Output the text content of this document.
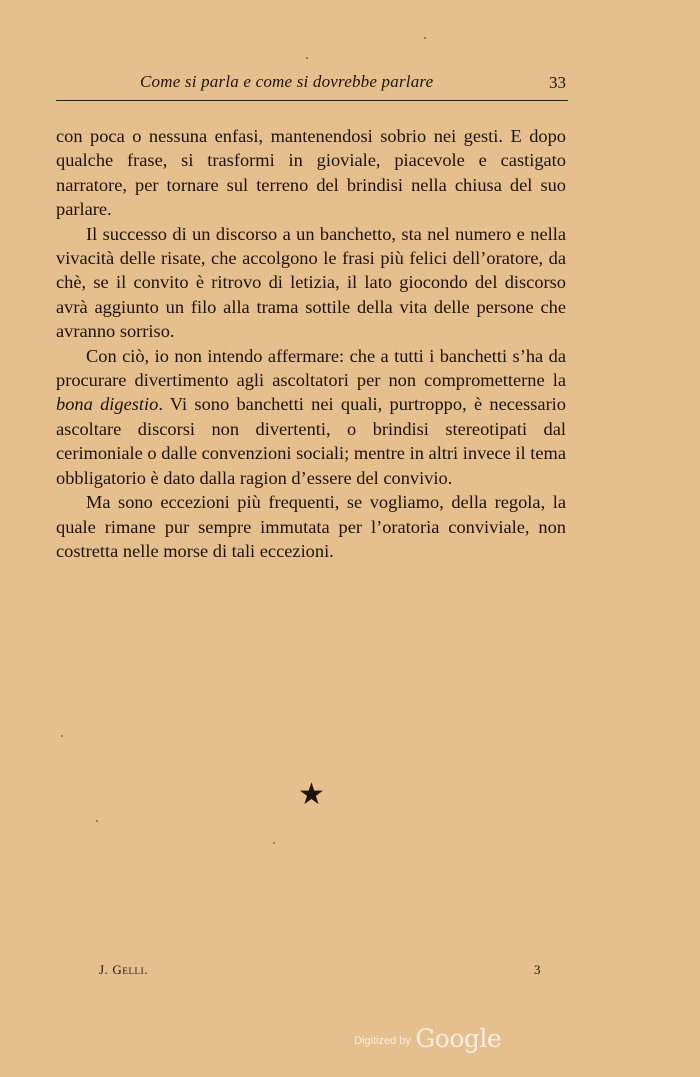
Come si parla e come si dovrebbe parlare	33

con poca o nessuna enfasi, mantenendosi sobrio nei gesti. E dopo qualche frase, si trasformi in gioviale, piacevole e castigato narratore, per tornare sul terreno del brindisi nella chiusa del suo parlare.

Il successo di un discorso a un banchetto, sta nel numero e nella vivacità delle risate, che accolgono le frasi più felici dell’oratore, da chè, se il convito è ritrovo di letizia, il lato giocondo del discorso avrà aggiunto un filo alla trama sottile della vita delle persone che avranno sorriso.

Con ciò, io non intendo affermare: che a tutti i banchetti s’ha da procurare divertimento agli ascoltatori per non comprometterne la bona digestio. Vi sono banchetti nei quali, purtroppo, è necessario ascoltare discorsi non divertenti, o brindisi stereotipati dal cerimoniale o dalle convenzioni sociali; mentre in altri invece il tema obbligatorio è dato dalla ragion d’essere del convivio.

Ma sono eccezioni più frequenti, se vogliamo, della regola, la quale rimane pur sempre immutata per l’oratoria conviviale, non costretta nelle morse di tali eccezioni.

★
J. Gelli.	3
Digitized by Google
